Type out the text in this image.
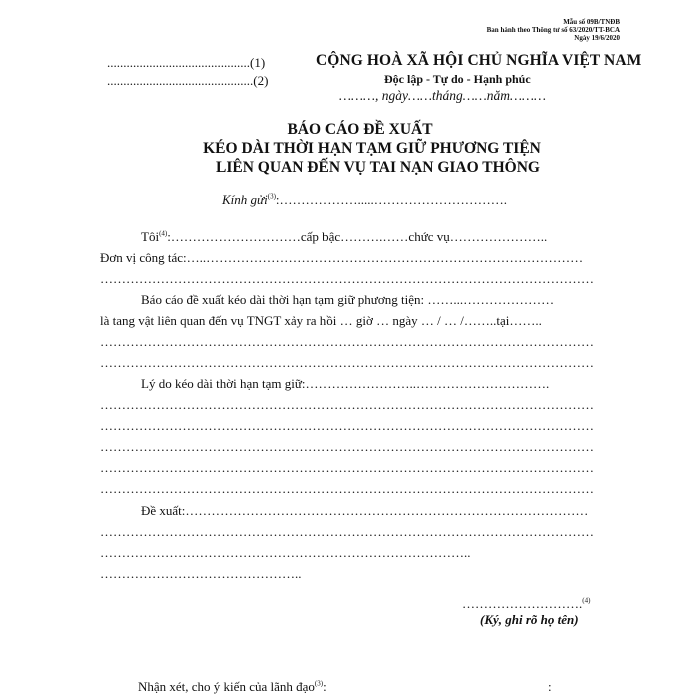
Mẫu số 09B/TNĐB
Ban hành theo Thông tư số 63/2020/TT-BCA
Ngày 19/6/2020
............................................(1)
.............................................(2)
CỘNG HOÀ XÃ HỘI CHỦ NGHĨA VIỆT NAM
Độc lập - Tự do - Hạnh phúc
………, ngày……tháng……năm………
BÁO CÁO ĐỀ XUẤT
KÉO DÀI THỜI HẠN TẠM GIỮ PHƯƠNG TIỆN
LIÊN QUAN ĐẾN VỤ TAI NẠN GIAO THÔNG
Kính gửi$^{(3)}$:……………….....………………………….
Tôi$^{(4)}$:…………………………cấp bậc……….……chức vụ…………………..
Đơn vị công tác:…..……………………………………………………………………………
……………………………………………………………………………………………………
Báo cáo đề xuất kéo dài thời hạn tạm giữ phương tiện: ……...…………………
là tang vật liên quan đến vụ TNGT xảy ra hồi … giờ … ngày … / … /……..tại……..
……………………………………………………………………………………………………
……………………………………………………………………………………………………
Lý do kéo dài thời hạn tạm giữ:……………………..………………………….
……………………………………………………………………………………………………
……………………………………………………………………………………………………
……………………………………………………………………………………………………
……………………………………………………………………………………………………
……………………………………………………………………………………………………
Đề xuất:…………………………………………………………………………………
……………………………………………………………………………………………………
…………………………………………………………………………..
………………………………………..
……………………….$^{(4)}$
(Ký, ghi rõ họ tên)
Nhận xét, cho ý kiến của lãnh đạo$^{(3)}$:	:
